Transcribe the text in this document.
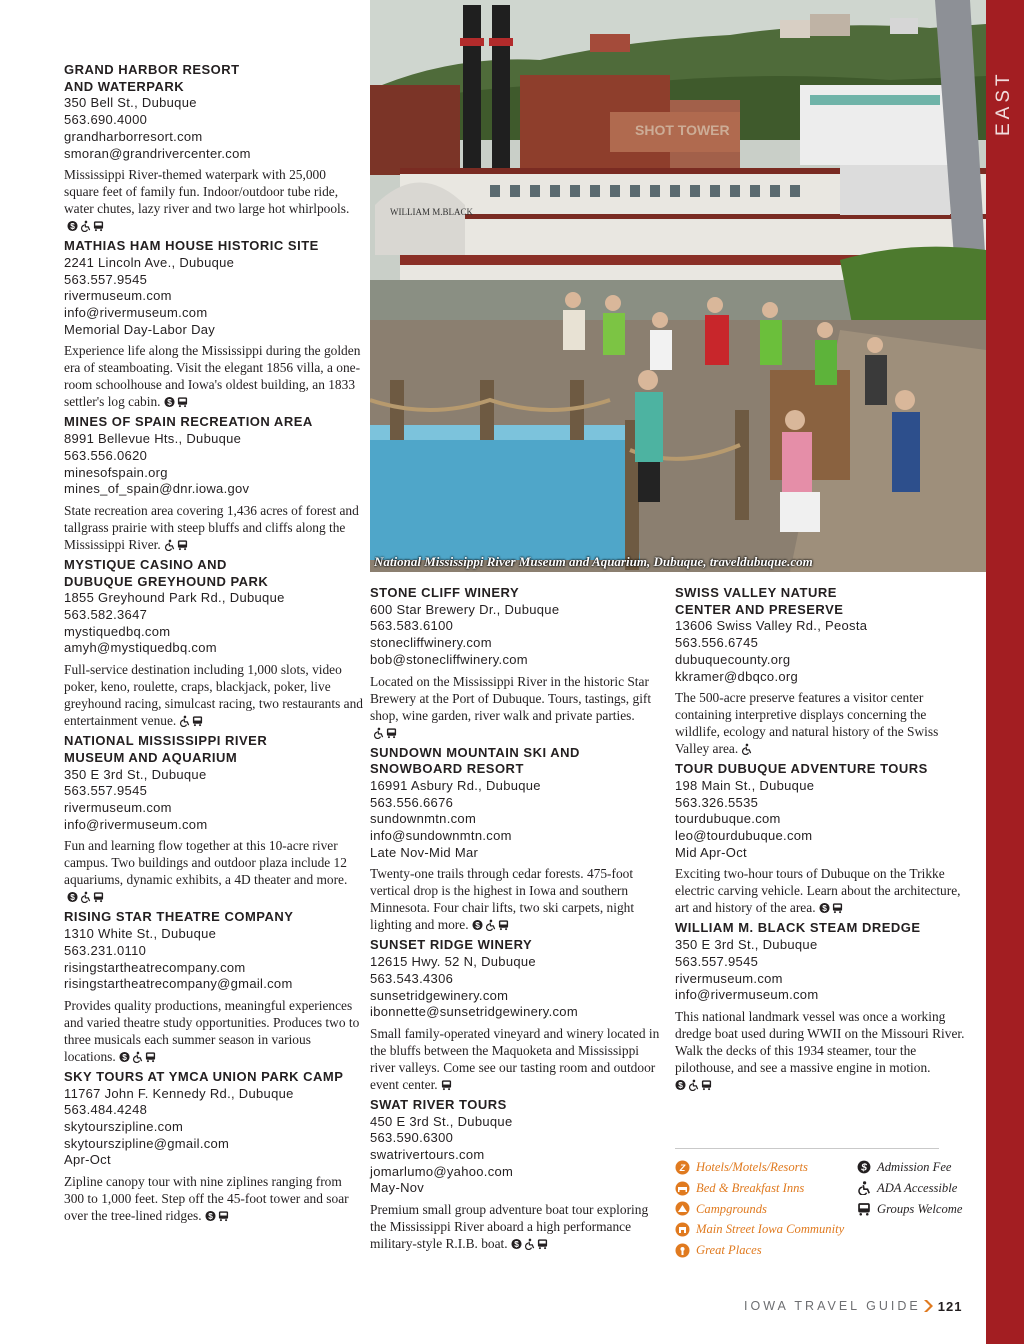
EAST
WILLIAM M.BLACK
SHOT TOWER
National Mississippi River Museum and Aquarium, Dubuque, traveldubuque.com
GRAND HARBOR RESORT
AND WATERPARK
350 Bell St., Dubuque
563.690.4000
grandharborresort.com
smoran@grandrivercenter.com
Mississippi River-themed waterpark with 25,000 square feet of family fun. Indoor/outdoor tube ride, water chutes, lazy river and two large hot whirlpools.
$
MATHIAS HAM HOUSE HISTORIC SITE
2241 Lincoln Ave., Dubuque
563.557.9545
rivermuseum.com
info@rivermuseum.com
Memorial Day-Labor Day
Experience life along the Mississippi during the golden era of steamboating. Visit the elegant 1856 villa, a one-room schoolhouse and Iowa's oldest building, an 1833 settler's log cabin. $
MINES OF SPAIN RECREATION AREA
8991 Bellevue Hts., Dubuque
563.556.0620
minesofspain.org
mines_of_spain@dnr.iowa.gov
State recreation area covering 1,436 acres of forest and tallgrass prairie with steep bluffs and cliffs along the Mississippi River.
MYSTIQUE CASINO AND
DUBUQUE GREYHOUND PARK
1855 Greyhound Park Rd., Dubuque
563.582.3647
mystiquedbq.com
amyh@mystiquedbq.com
Full-service destination including 1,000 slots, video poker, keno, roulette, craps, blackjack, poker, live greyhound racing, simulcast racing, two restaurants and entertainment venue.
NATIONAL MISSISSIPPI RIVER
MUSEUM AND AQUARIUM
350 E 3rd St., Dubuque
563.557.9545
rivermuseum.com
info@rivermuseum.com
Fun and learning flow together at this 10-acre river campus. Two buildings and outdoor plaza include 12 aquariums, dynamic exhibits, a 4D theater and more.
$
RISING STAR THEATRE COMPANY
1310 White St., Dubuque
563.231.0110
risingstartheatrecompany.com
risingstartheatrecompany@gmail.com
Provides quality productions, meaningful experiences and varied theatre study opportunities. Produces two to three musicals each summer season in various locations. $
SKY TOURS AT YMCA UNION PARK CAMP
11767 John F. Kennedy Rd., Dubuque
563.484.4248
skytourszipline.com
skytourszipline@gmail.com
Apr-Oct
Zipline canopy tour with nine ziplines ranging from 300 to 1,000 feet. Step off the 45-foot tower and soar over the tree-lined ridges. $
STONE CLIFF WINERY
600 Star Brewery Dr., Dubuque
563.583.6100
stonecliffwinery.com
bob@stonecliffwinery.com
Located on the Mississippi River in the historic Star Brewery at the Port of Dubuque. Tours, tastings, gift shop, wine garden, river walk and private parties.
SUNDOWN MOUNTAIN SKI AND
SNOWBOARD RESORT
16991 Asbury Rd., Dubuque
563.556.6676
sundownmtn.com
info@sundownmtn.com
Late Nov-Mid Mar
Twenty-one trails through cedar forests. 475-foot vertical drop is the highest in Iowa and southern Minnesota. Four chair lifts, two ski carpets, night lighting and more. $
SUNSET RIDGE WINERY
12615 Hwy. 52 N, Dubuque
563.543.4306
sunsetridgewinery.com
ibonnette@sunsetridgewinery.com
Small family-operated vineyard and winery located in the bluffs between the Maquoketa and Mississippi river valleys. Come see our tasting room and outdoor event center.
SWAT RIVER TOURS
450 E 3rd St., Dubuque
563.590.6300
swatrivertours.com
jomarlumo@yahoo.com
May-Nov
Premium small group adventure boat tour exploring the Mississippi River aboard a high performance military-style R.I.B. boat. $
SWISS VALLEY NATURE
CENTER AND PRESERVE
13606 Swiss Valley Rd., Peosta
563.556.6745
dubuquecounty.org
kkramer@dbqco.org
The 500-acre preserve features a visitor center containing interpretive displays concerning the wildlife, ecology and natural history of the Swiss Valley area.
TOUR DUBUQUE ADVENTURE TOURS
198 Main St., Dubuque
563.326.5535
tourdubuque.com
leo@tourdubuque.com
Mid Apr-Oct
Exciting two-hour tours of Dubuque on the Trikke electric carving vehicle. Learn about the architecture, art and history of the area. $
WILLIAM M. BLACK STEAM DREDGE
350 E 3rd St., Dubuque
563.557.9545
rivermuseum.com
info@rivermuseum.com
This national landmark vessel was once a working dredge boat used during WWII on the Missouri River. Walk the decks of this 1934 steamer, tour the pilothouse, and see a massive engine in motion.

$
Z Hotels/Motels/Resorts
Bed & Breakfast Inns
Campgrounds
Main Street Iowa Community
Great Places
$ Admission Fee
ADA Accessible
Groups Welcome
IOWA TRAVEL GUIDE 121
